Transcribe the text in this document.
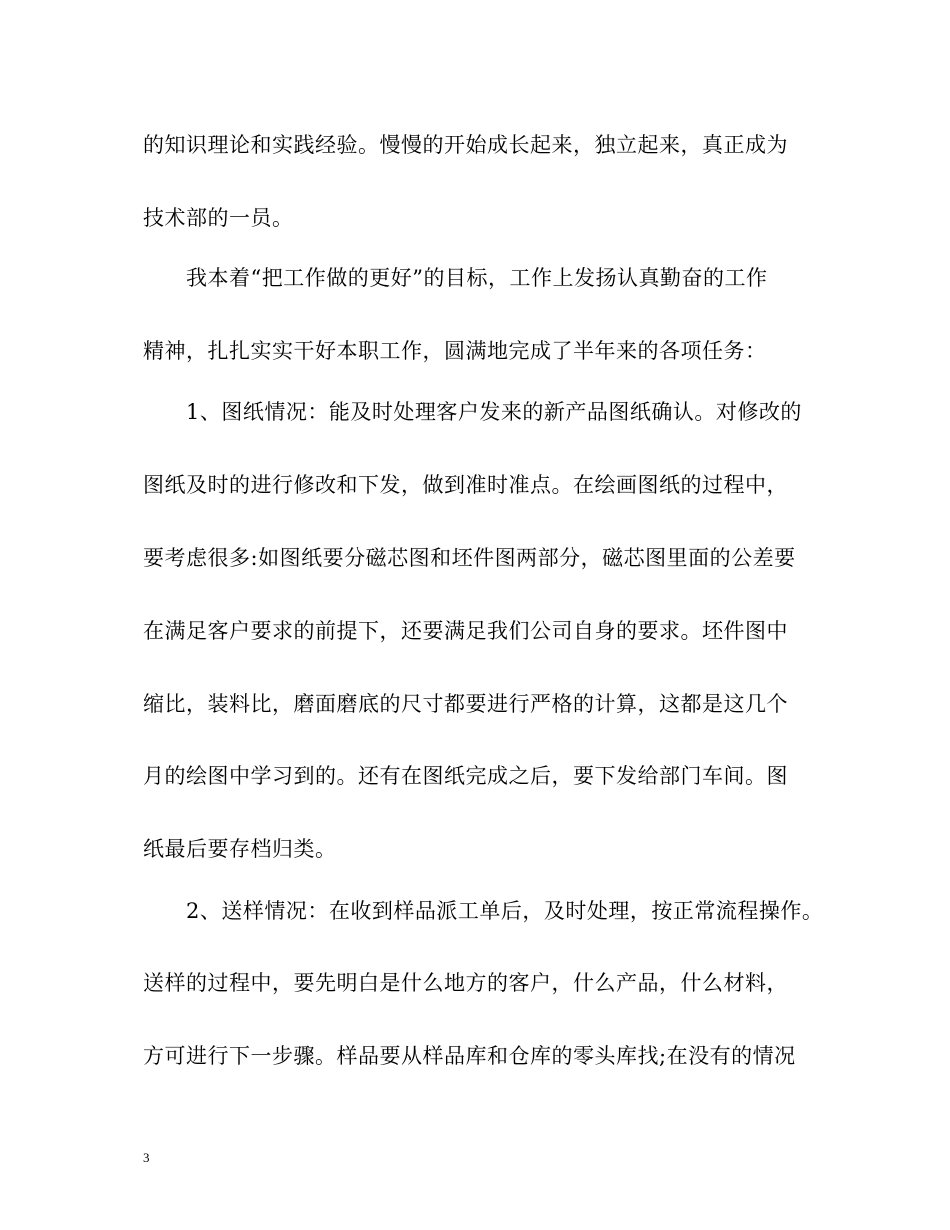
的知识理论和实践经验。慢慢的开始成长起来，独立起来，真正成为
技术部的一员。
我本着“把工作做的更好”的目标，工作上发扬认真勤奋的工作
精神，扎扎实实干好本职工作，圆满地完成了半年来的各项任务：
1、图纸情况：能及时处理客户发来的新产品图纸确认。对修改的
图纸及时的进行修改和下发，做到准时准点。在绘画图纸的过程中，
要考虑很多:如图纸要分磁芯图和坯件图两部分，磁芯图里面的公差要
在满足客户要求的前提下，还要满足我们公司自身的要求。坯件图中
缩比，装料比，磨面磨底的尺寸都要进行严格的计算，这都是这几个
月的绘图中学习到的。还有在图纸完成之后，要下发给部门车间。图
纸最后要存档归类。
2、送样情况：在收到样品派工单后，及时处理，按正常流程操作。
送样的过程中，要先明白是什么地方的客户，什么产品，什么材料，
方可进行下一步骤。样品要从样品库和仓库的零头库找;在没有的情况
3
